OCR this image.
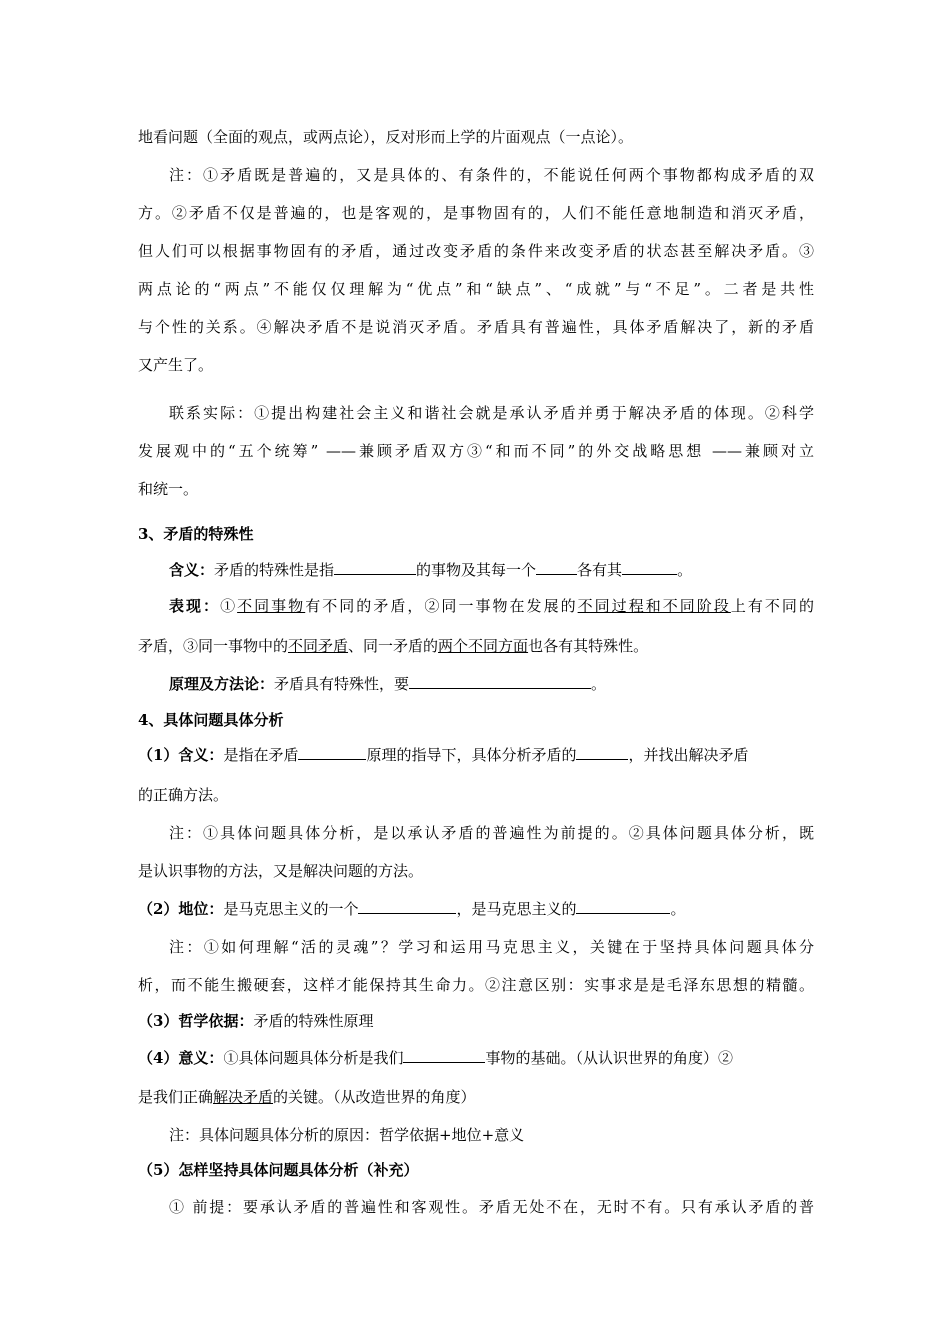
地看问题（全面的观点，或两点论），反对形而上学的片面观点（一点论）。
注：①矛盾既是普遍的，又是具体的、有条件的，不能说任何两个事物都构成矛盾的双
方。②矛盾不仅是普遍的，也是客观的，是事物固有的，人们不能任意地制造和消灭矛盾，
但人们可以根据事物固有的矛盾，通过改变矛盾的条件来改变矛盾的状态甚至解决矛盾。③
两点论的“两点”不能仅仅理解为“优点”和“缺点”、“成就”与“不足”。二者是共性
与个性的关系。④解决矛盾不是说消灭矛盾。矛盾具有普遍性，具体矛盾解决了，新的矛盾
又产生了。
联系实际：①提出构建社会主义和谐社会就是承认矛盾并勇于解决矛盾的体现。②科学
发展观中的“五个统筹” ——兼顾矛盾双方③“和而不同”的外交战略思想 ——兼顾对立
和统一。
3、矛盾的特殊性
含义：矛盾的特殊性是指	的事物及其每一个	各有其	。
表现：①不同事物有不同的矛盾，②同一事物在发展的不同过程和不同阶段上有不同的
矛盾，③同一事物中的不同矛盾、同一矛盾的两个不同方面也各有其特殊性。
原理及方法论：矛盾具有特殊性，要	。
4、具体问题具体分析
（1）含义：是指在矛盾	原理的指导下，具体分析矛盾的	，并找出解决矛盾
的正确方法。
注：①具体问题具体分析，是以承认矛盾的普遍性为前提的。②具体问题具体分析，既
是认识事物的方法，又是解决问题的方法。
（2）地位：是马克思主义的一个	，是马克思主义的	。
注：①如何理解“活的灵魂”？学习和运用马克思主义，关键在于坚持具体问题具体分
析，而不能生搬硬套，这样才能保持其生命力。②注意区别：实事求是是毛泽东思想的精髓。
（3）哲学依据：矛盾的特殊性原理
（4）意义：①具体问题具体分析是我们	事物的基础。（从认识世界的角度）②
是我们正确解决矛盾的关键。（从改造世界的角度）
注：具体问题具体分析的原因：哲学依据+地位+意义
（5）怎样坚持具体问题具体分析（补充）
① 前提：要承认矛盾的普遍性和客观性。矛盾无处不在，无时不有。只有承认矛盾的普
